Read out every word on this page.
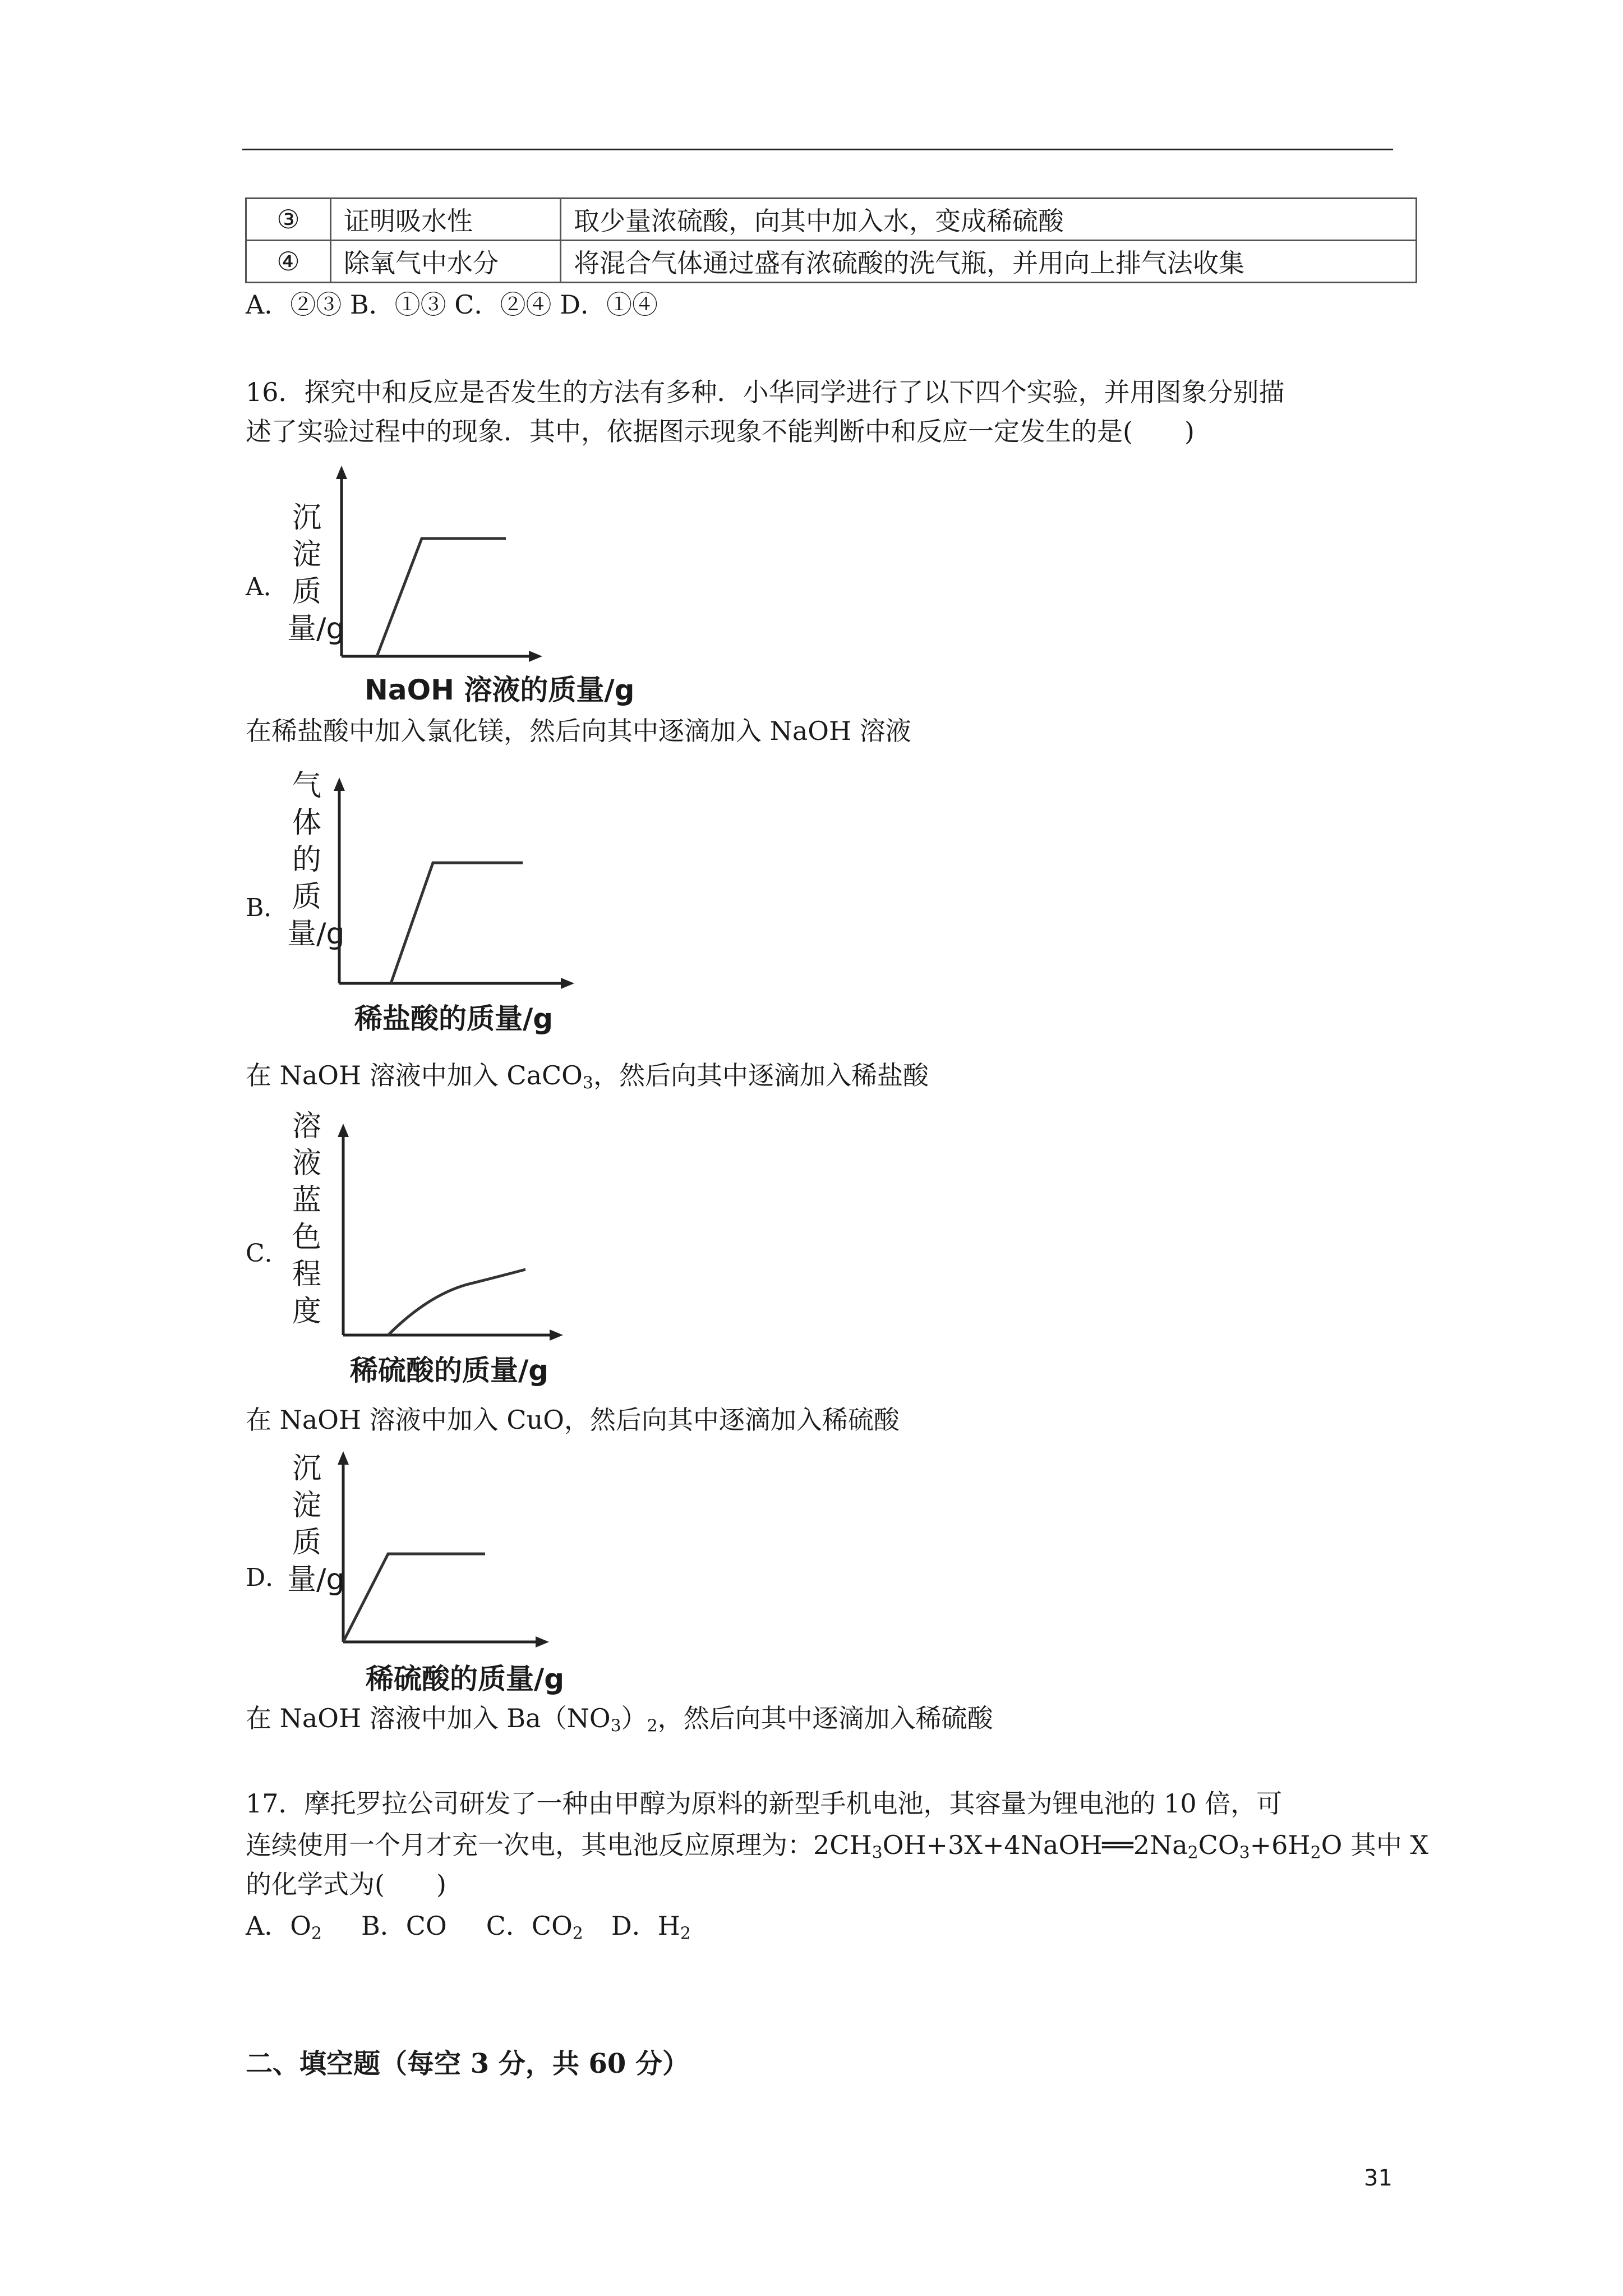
③	证明吸水性	取少量浓硫酸，向其中加入水，变成稀硫酸
④	除氧气中水分	将混合气体通过盛有浓硫酸的洗气瓶，并用向上排气法收集
A．②③ B．①③ C．②④ D．①④
16．探究中和反应是否发生的方法有多种．小华同学进行了以下四个实验，并用图象分别描
述了实验过程中的现象．其中，依据图示现象不能判断中和反应一定发生的是(　　)
A．
沉淀质量/g
NaOH 溶液的质量/g
在稀盐酸中加入氯化镁，然后向其中逐滴加入 NaOH 溶液
B．
气体的质量/g
稀盐酸的质量/g
在 NaOH 溶液中加入 CaCO$_3$，然后向其中逐滴加入稀盐酸
C．
溶液蓝色程度
稀硫酸的质量/g
在 NaOH 溶液中加入 CuO，然后向其中逐滴加入稀硫酸
D．
沉淀质量/g
稀硫酸的质量/g
在 NaOH 溶液中加入 $Ba(NO_3)_2$，然后向其中逐滴加入稀硫酸
17．摩托罗拉公司研发了一种由甲醇为原料的新型手机电池，其容量为锂电池的 10 倍，可
连续使用一个月才充一次电，其电池反应原理为：$2CH_3OH+3X+4NaOH══2Na_2CO_3+6H_2O$ 其中 X
的化学式为(　　)
A．$O_2$ B．CO C．$CO_2$ D．$H_2$
二、填空题（每空 3 分，共 60 分）
31
